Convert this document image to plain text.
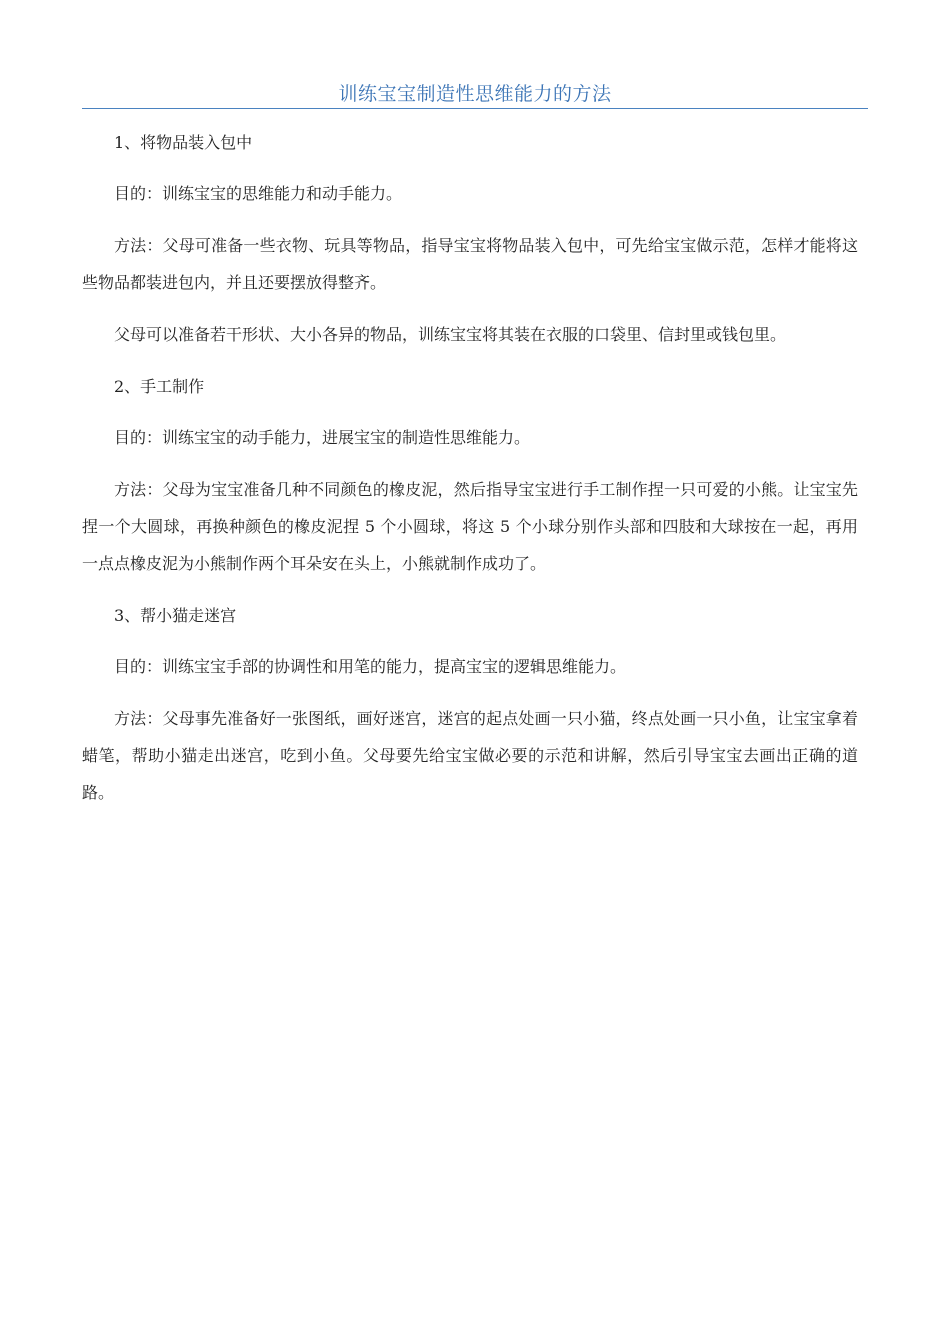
训练宝宝制造性思维能力的方法

1、将物品装入包中

目的：训练宝宝的思维能力和动手能力。

方法：父母可准备一些衣物、玩具等物品，指导宝宝将物品装入包中，可先给宝宝做示范，怎样才能将这些物品都装进包内，并且还要摆放得整齐。

父母可以准备若干形状、大小各异的物品，训练宝宝将其装在衣服的口袋里、信封里或钱包里。

2、手工制作

目的：训练宝宝的动手能力，进展宝宝的制造性思维能力。

方法：父母为宝宝准备几种不同颜色的橡皮泥，然后指导宝宝进行手工制作捏一只可爱的小熊。让宝宝先捏一个大圆球，再换种颜色的橡皮泥捏 5 个小圆球，将这 5 个小球分别作头部和四肢和大球按在一起，再用一点点橡皮泥为小熊制作两个耳朵安在头上，小熊就制作成功了。

3、帮小猫走迷宫

目的：训练宝宝手部的协调性和用笔的能力，提高宝宝的逻辑思维能力。

方法：父母事先准备好一张图纸，画好迷宫，迷宫的起点处画一只小猫，终点处画一只小鱼，让宝宝拿着蜡笔，帮助小猫走出迷宫，吃到小鱼。父母要先给宝宝做必要的示范和讲解，然后引导宝宝去画出正确的道路。
